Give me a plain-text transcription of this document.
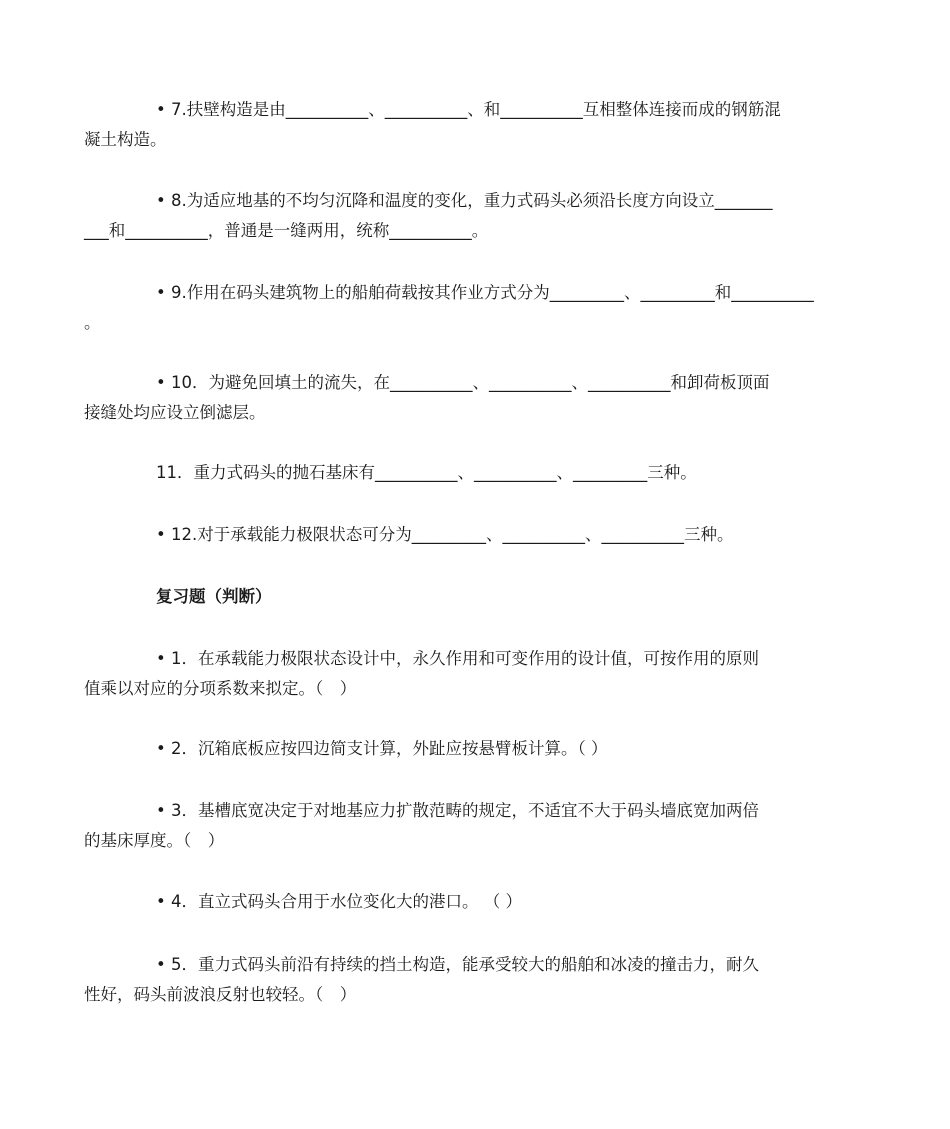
• 7.扶壁构造是由__________、__________、和__________互相整体连接而成的钢筋混
凝土构造。

• 8.为适应地基的不均匀沉降和温度的变化，重力式码头必须沿长度方向设立_______
___和__________，普通是一缝两用，统称__________。

• 9.作用在码头建筑物上的船舶荷载按其作业方式分为_________、_________和__________
。

• 10．为避免回填土的流失，在__________、__________、__________和卸荷板顶面
接缝处均应设立倒滤层。

11．重力式码头的抛石基床有__________、__________、_________三种。

• 12.对于承载能力极限状态可分为_________、__________、__________三种。

复习题（判断）

• 1．在承载能力极限状态设计中，永久作用和可变作用的设计值，可按作用的原则
值乘以对应的分项系数来拟定。（　）

• 2．沉箱底板应按四边简支计算，外趾应按悬臂板计算。（ ）

• 3．基槽底宽决定于对地基应力扩散范畴的规定，不适宜不大于码头墙底宽加两倍
的基床厚度。（　）

• 4．直立式码头合用于水位变化大的港口。 （ ）

• 5．重力式码头前沿有持续的挡土构造，能承受较大的船舶和冰凌的撞击力，耐久
性好，码头前波浪反射也较轻。（　）
